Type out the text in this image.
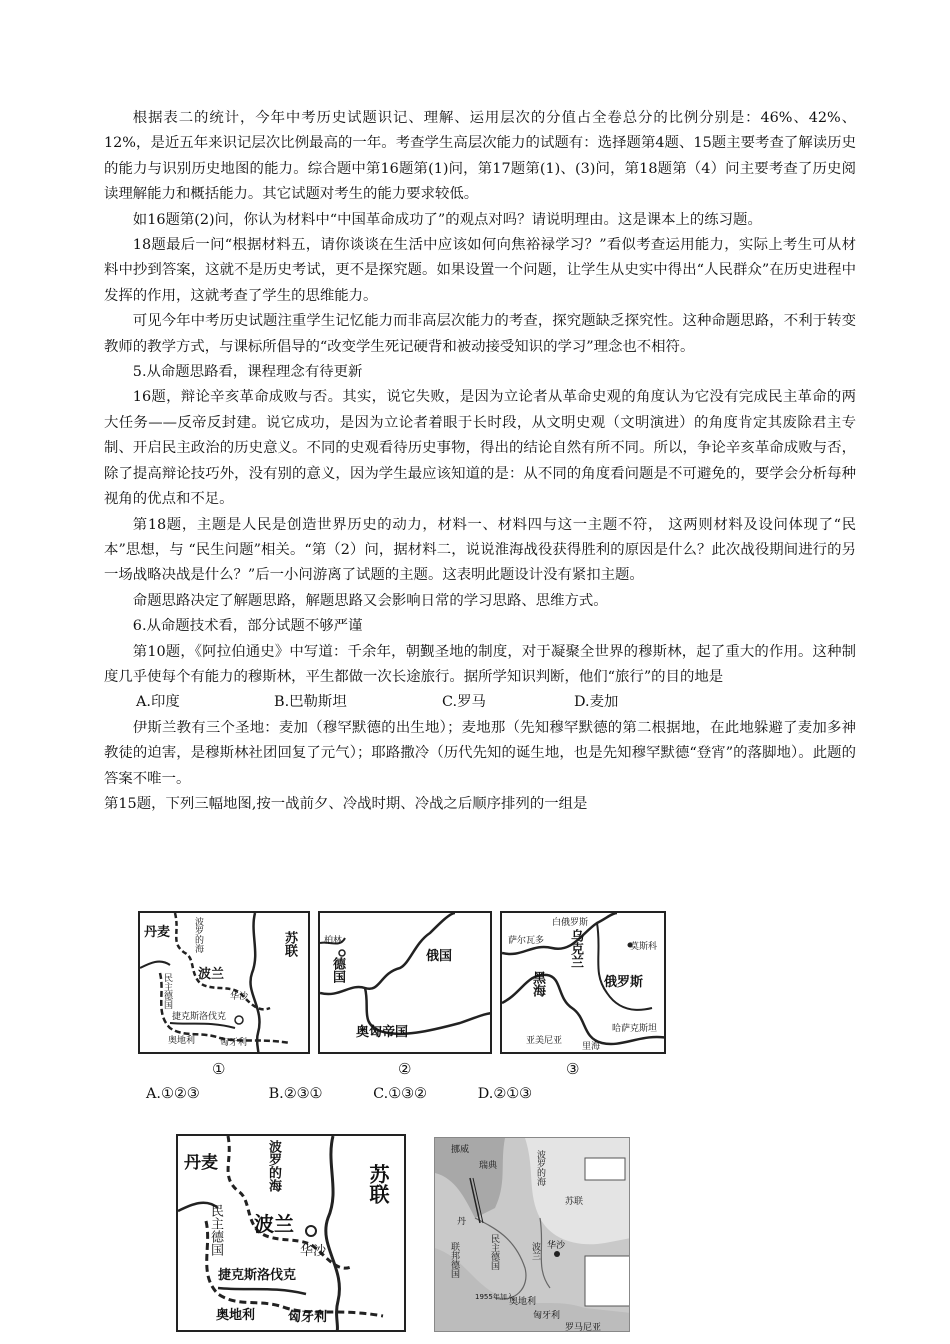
根据表二的统计，今年中考历史试题识记、理解、运用层次的分值占全卷总分的比例分别是：46%、42%、12%，是近五年来识记层次比例最高的一年。考查学生高层次能力的试题有：选择题第4题、15题主要考查了解读历史的能力与识别历史地图的能力。综合题中第16题第(1)问，第17题第(1)、(3)问，第18题第（4）问主要考查了历史阅读理解能力和概括能力。其它试题对考生的能力要求较低。

如16题第(2)问，你认为材料中“中国革命成功了”的观点对吗？请说明理由。这是课本上的练习题。

18题最后一问“根据材料五，请你谈谈在生活中应该如何向焦裕禄学习？”看似考查运用能力，实际上考生可从材料中抄到答案，这就不是历史考试，更不是探究题。如果设置一个问题，让学生从史实中得出“人民群众”在历史进程中发挥的作用，这就考查了学生的思维能力。

可见今年中考历史试题注重学生记忆能力而非高层次能力的考查，探究题缺乏探究性。这种命题思路，不利于转变教师的教学方式，与课标所倡导的“改变学生死记硬背和被动接受知识的学习”理念也不相符。

5.从命题思路看，课程理念有待更新

16题，辩论辛亥革命成败与否。其实，说它失败，是因为立论者从革命史观的角度认为它没有完成民主革命的两大任务——反帝反封建。说它成功，是因为立论者着眼于长时段，从文明史观（文明演进）的角度肯定其废除君主专制、开启民主政治的历史意义。不同的史观看待历史事物，得出的结论自然有所不同。所以，争论辛亥革命成败与否，除了提高辩论技巧外，没有别的意义，因为学生最应该知道的是：从不同的角度看问题是不可避免的，要学会分析每种视角的优点和不足。

第18题，主题是人民是创造世界历史的动力，材料一、材料四与这一主题不符， 这两则材料及设问体现了“民本”思想，与 “民生问题”相关。“第（2）问，据材料二，说说淮海战役获得胜利的原因是什么？此次战役期间进行的另一场战略决战是什么？”后一小问游离了试题的主题。这表明此题设计没有紧扣主题。

命题思路决定了解题思路，解题思路又会影响日常的学习思路、思维方式。

6.从命题技术看，部分试题不够严谨

第10题，《阿拉伯通史》中写道：千余年，朝觐圣地的制度，对于凝聚全世界的穆斯林，起了重大的作用。这种制度几乎使每个有能力的穆斯林，平生都做一次长途旅行。据所学知识判断，他们“旅行”的目的地是

A.印度	B.巴勒斯坦	C.罗马	D.麦加

伊斯兰教有三个圣地：麦加（穆罕默德的出生地）；麦地那（先知穆罕默德的第二根据地，在此地躲避了麦加多神教徒的迫害，是穆斯林社团回复了元气）；耶路撒冷（历代先知的诞生地，也是先知穆罕默德“登宵”的落脚地）。此题的答案不唯一。

第15题，下列三幅地图,按一战前夕、冷战时期、冷战之后顺序排列的一组是

丹麦	波罗的海	苏联
波兰
民主德国	华沙
捷克斯洛伐克
奥地利	匈牙利
柏林
德国
俄国
奥匈帝国
白俄罗斯
萨尔瓦多 乌克兰	莫斯科
黑海	俄罗斯
亚美尼亚
哈萨克斯坦
里海
①	②	③
A.①②③	B.②③①	C.①③②	D.②①③
丹麦	波罗的海	苏联
波兰
民主德国	华沙
捷克斯洛伐克
奥地利	匈牙利
挪威
瑞典	波罗的海
苏联
丹
联邦德国	民主德国	波兰 华沙
1955年加入
奥地利
匈牙利
罗马尼亚
